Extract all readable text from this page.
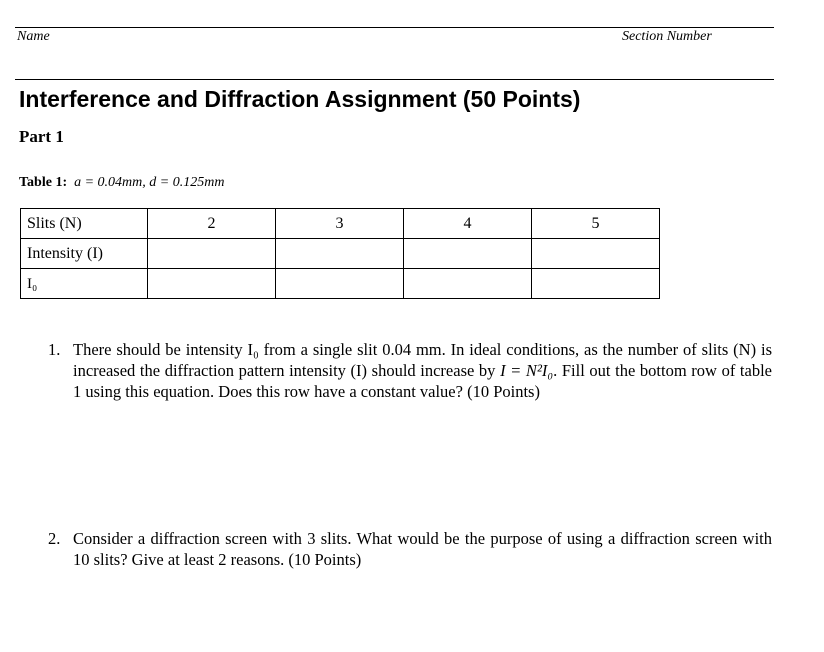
Name	Section Number
Interference and Diffraction Assignment (50 Points)
Part 1
Table 1: a = 0.04mm, d = 0.125mm
Slits (N)	2	3	4	5
Intensity (I)				
I₀				
1. There should be intensity I₀ from a single slit 0.04 mm. In ideal conditions, as the number of slits (N) is increased the diffraction pattern intensity (I) should increase by I = N²I₀. Fill out the bottom row of table 1 using this equation. Does this row have a constant value? (10 Points)
2. Consider a diffraction screen with 3 slits. What would be the purpose of using a diffraction screen with 10 slits? Give at least 2 reasons. (10 Points)
